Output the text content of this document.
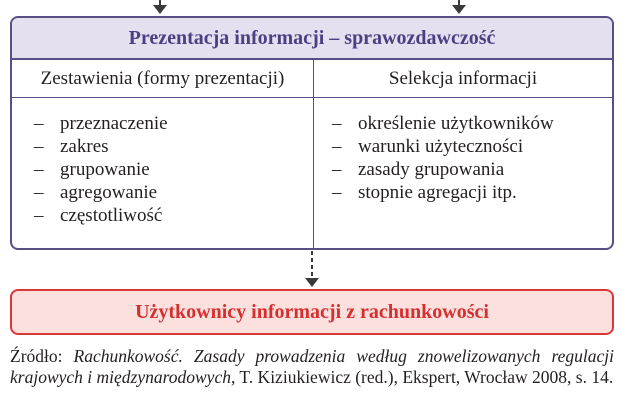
Prezentacja informacji – sprawozdawczość
Zestawienia (formy prezentacji)	Selekcja informacji
– przeznaczenie
– zakres
– grupowanie
– agregowanie
– częstotliwość
– określenie użytkowników
– warunki użyteczności
– zasady grupowania
– stopnie agregacji itp.
Użytkownicy informacji z rachunkowości
Źródło: Rachunkowość. Zasady prowadzenia według znowelizowanych regulacji krajowych i międzynarodowych, T. Kiziukiewicz (red.), Ekspert, Wrocław 2008, s. 14.
